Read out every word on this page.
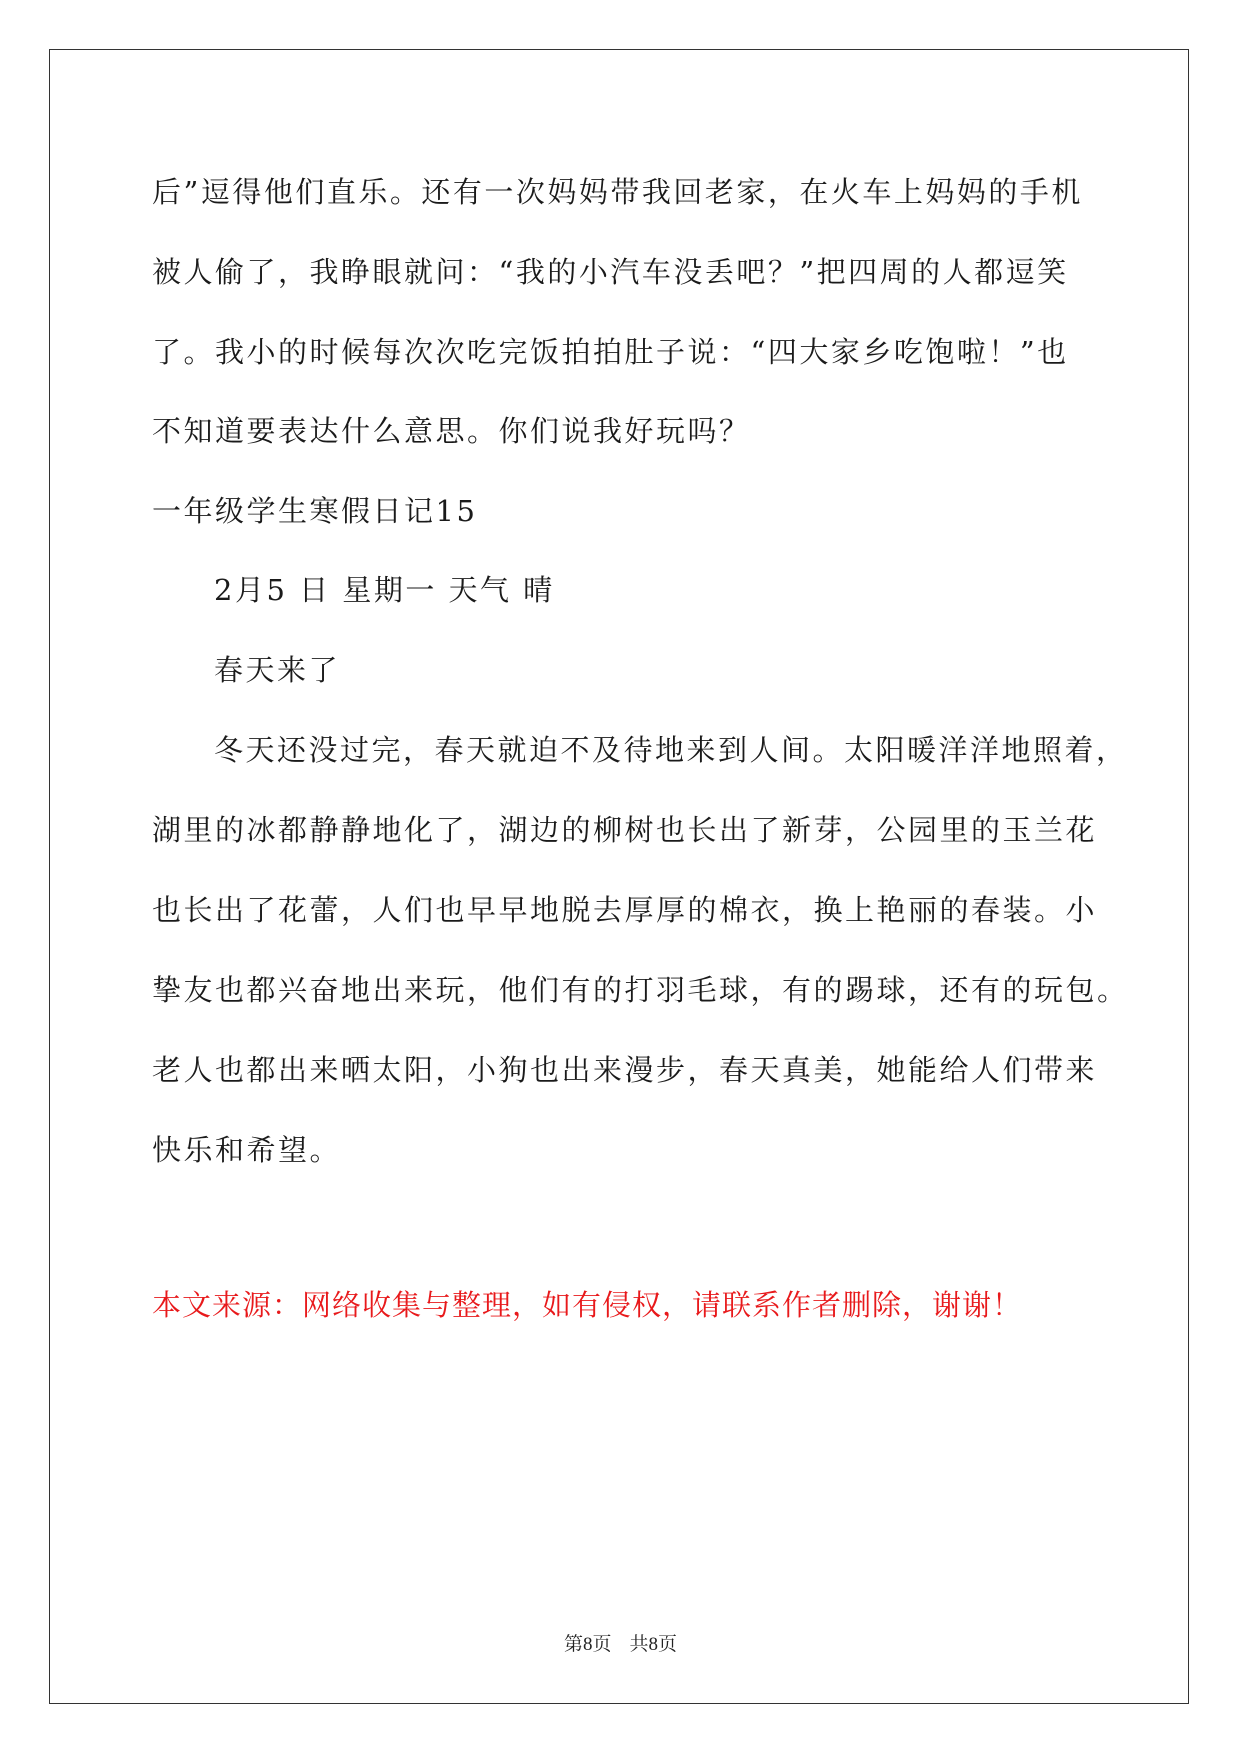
后”逗得他们直乐。还有一次妈妈带我回老家，在火车上妈妈的手机
被人偷了，我睁眼就问：“我的小汽车没丢吧？”把四周的人都逗笑
了。我小的时候每次次吃完饭拍拍肚子说：“四大家乡吃饱啦！”也
不知道要表达什么意思。你们说我好玩吗？
一年级学生寒假日记15
2月5 日 星期一 天气 晴
春天来了
冬天还没过完，春天就迫不及待地来到人间。太阳暖洋洋地照着，
湖里的冰都静静地化了，湖边的柳树也长出了新芽，公园里的玉兰花
也长出了花蕾，人们也早早地脱去厚厚的棉衣，换上艳丽的春装。小
挚友也都兴奋地出来玩，他们有的打羽毛球，有的踢球，还有的玩包。
老人也都出来晒太阳，小狗也出来漫步，春天真美，她能给人们带来
快乐和希望。
本文来源：网络收集与整理，如有侵权，请联系作者删除，谢谢！
第8页 共8页
